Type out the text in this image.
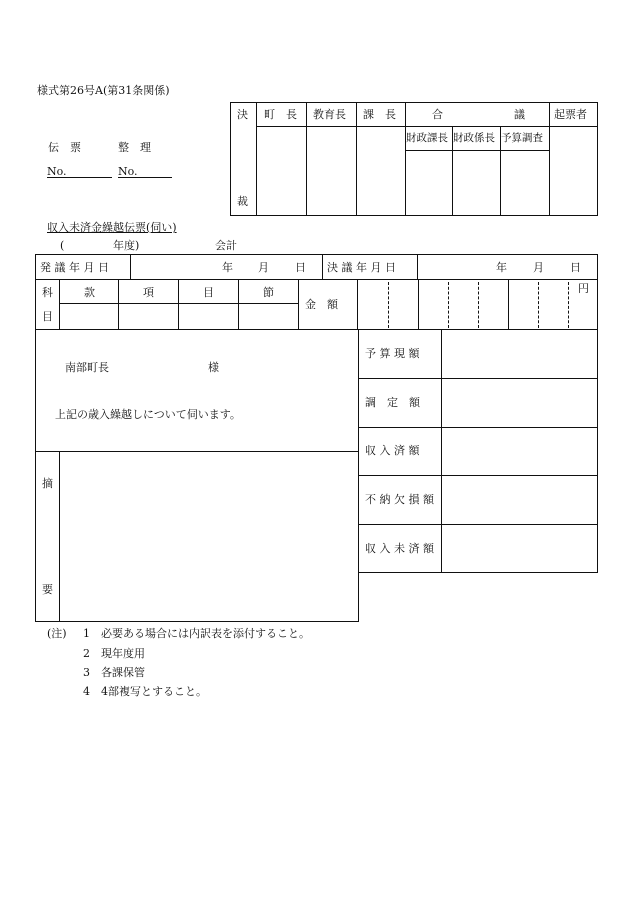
様式第26号A(第31条関係)
決
裁
町　長 教育長 課　長	合	議	起票者
財政課長 財政係長 予算調査
伝　票	整　理
No.	No.
収入未済金繰越伝票(伺い)
(	年度)	会計
発 議 年 月 日	年 月 日 決 議 年 月 日	年 月 日
科
目
款	項	目	節
金　額
円
南部町長	様
上記の歳入繰越しについて伺います。
摘
要
予 算 現 額
調　定　額
収 入 済 額
不 納 欠 損 額
収 入 未 済 額
(注) 1 必要ある場合には内訳表を添付すること。
2 現年度用
3 各課保管
4 4部複写とすること。
